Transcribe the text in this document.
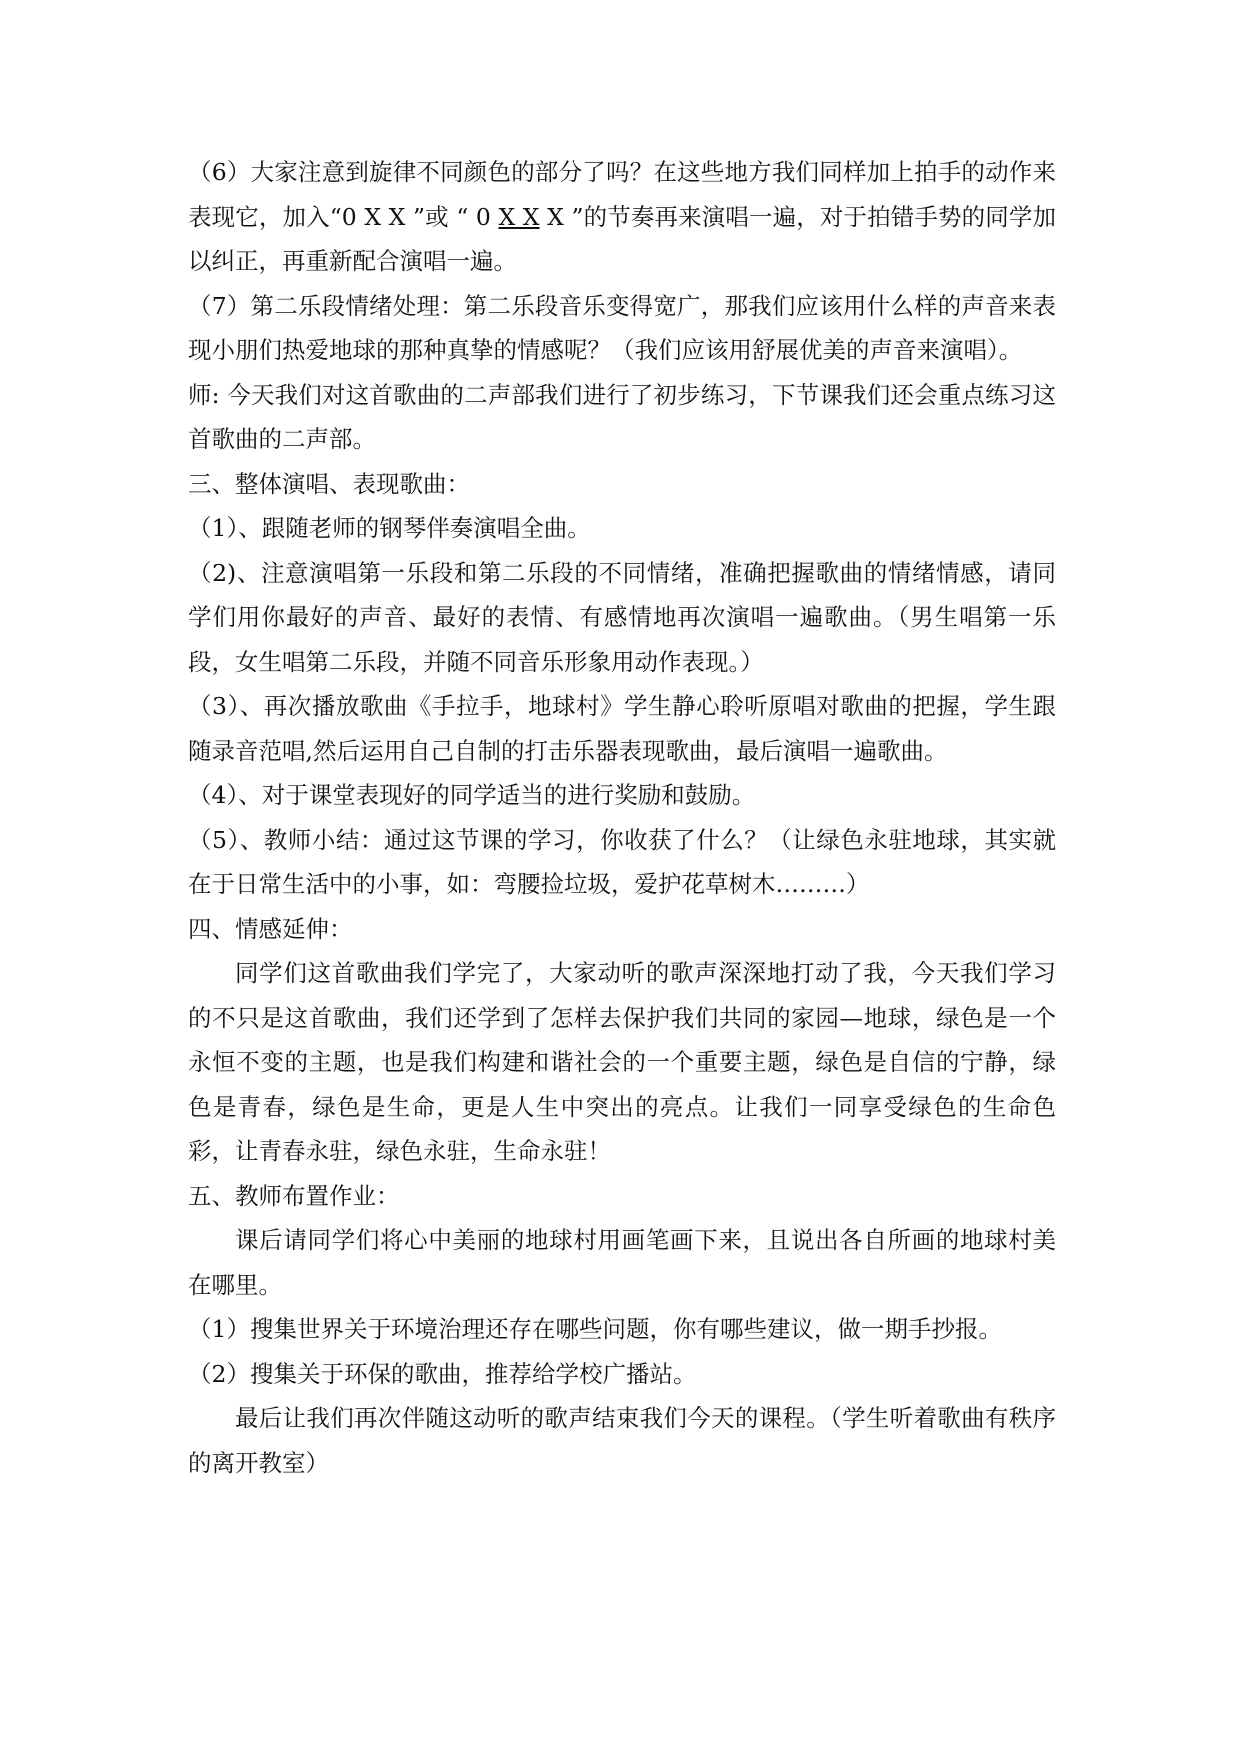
（6）大家注意到旋律不同颜色的部分了吗？在这些地方我们同样加上拍手的动作来表现它，加入“0 X X ”或 “ 0 X X X ”的节奏再来演唱一遍，对于拍错手势的同学加以纠正，再重新配合演唱一遍。

（7）第二乐段情绪处理：第二乐段音乐变得宽广，那我们应该用什么样的声音来表现小朋们热爱地球的那种真挚的情感呢？（我们应该用舒展优美的声音来演唱）。

师: 今天我们对这首歌曲的二声部我们进行了初步练习，下节课我们还会重点练习这首歌曲的二声部。

三、整体演唱、表现歌曲：

（1）、跟随老师的钢琴伴奏演唱全曲。

（2)、注意演唱第一乐段和第二乐段的不同情绪，准确把握歌曲的情绪情感，请同学们用你最好的声音、最好的表情、有感情地再次演唱一遍歌曲。（男生唱第一乐段，女生唱第二乐段，并随不同音乐形象用动作表现。）

（3）、再次播放歌曲《手拉手，地球村》学生静心聆听原唱对歌曲的把握，学生跟随录音范唱,然后运用自己自制的打击乐器表现歌曲，最后演唱一遍歌曲。

（4）、对于课堂表现好的同学适当的进行奖励和鼓励。

（5）、教师小结：通过这节课的学习，你收获了什么？（让绿色永驻地球，其实就在于日常生活中的小事，如：弯腰捡垃圾，爱护花草树木………）

四、情感延伸：

同学们这首歌曲我们学完了，大家动听的歌声深深地打动了我，今天我们学习的不只是这首歌曲，我们还学到了怎样去保护我们共同的家园—地球，绿色是一个永恒不变的主题，也是我们构建和谐社会的一个重要主题，绿色是自信的宁静，绿色是青春，绿色是生命，更是人生中突出的亮点。让我们一同享受绿色的生命色彩，让青春永驻，绿色永驻，生命永驻！

五、教师布置作业：

课后请同学们将心中美丽的地球村用画笔画下来，且说出各自所画的地球村美在哪里。

（1）搜集世界关于环境治理还存在哪些问题，你有哪些建议，做一期手抄报。

（2）搜集关于环保的歌曲，推荐给学校广播站。

最后让我们再次伴随这动听的歌声结束我们今天的课程。（学生听着歌曲有秩序的离开教室）
